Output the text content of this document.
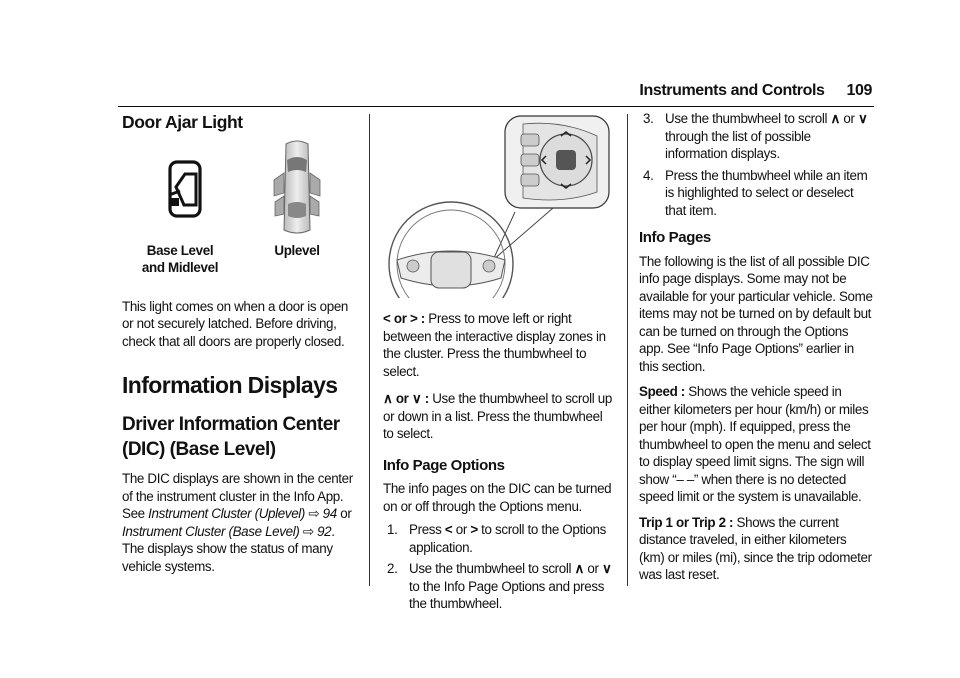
Instruments and Controls 109
Door Ajar Light
Base Level and Midlevel
Uplevel

This light comes on when a door is open or not securely latched. Before driving, check that all doors are properly closed.

Information Displays
Driver Information Center (DIC) (Base Level)

The DIC displays are shown in the center of the instrument cluster in the Info App. See Instrument Cluster (Uplevel) ⇨ 94 or Instrument Cluster (Base Level) ⇨ 92. The displays show the status of many vehicle systems.

< or > : Press to move left or right between the interactive display zones in the cluster. Press the thumbwheel to select.

∧ or ∨ : Use the thumbwheel to scroll up or down in a list. Press the thumbwheel to select.

Info Page Options

The info pages on the DIC can be turned on or off through the Options menu.

1. Press < or > to scroll to the Options application.
2. Use the thumbwheel to scroll ∧ or ∨ to the Info Page Options and press the thumbwheel.
3. Use the thumbwheel to scroll ∧ or ∨ through the list of possible information displays.
4. Press the thumbwheel while an item is highlighted to select or deselect that item.
Info Pages

The following is the list of all possible DIC info page displays. Some may not be available for your particular vehicle. Some items may not be turned on by default but can be turned on through the Options app. See “Info Page Options” earlier in this section.

Speed : Shows the vehicle speed in either kilometers per hour (km/h) or miles per hour (mph). If equipped, press the thumbwheel to open the menu and select to display speed limit signs. The sign will show “– –” when there is no detected speed limit or the system is unavailable.

Trip 1 or Trip 2 : Shows the current distance traveled, in either kilometers (km) or miles (mi), since the trip odometer was last reset.
